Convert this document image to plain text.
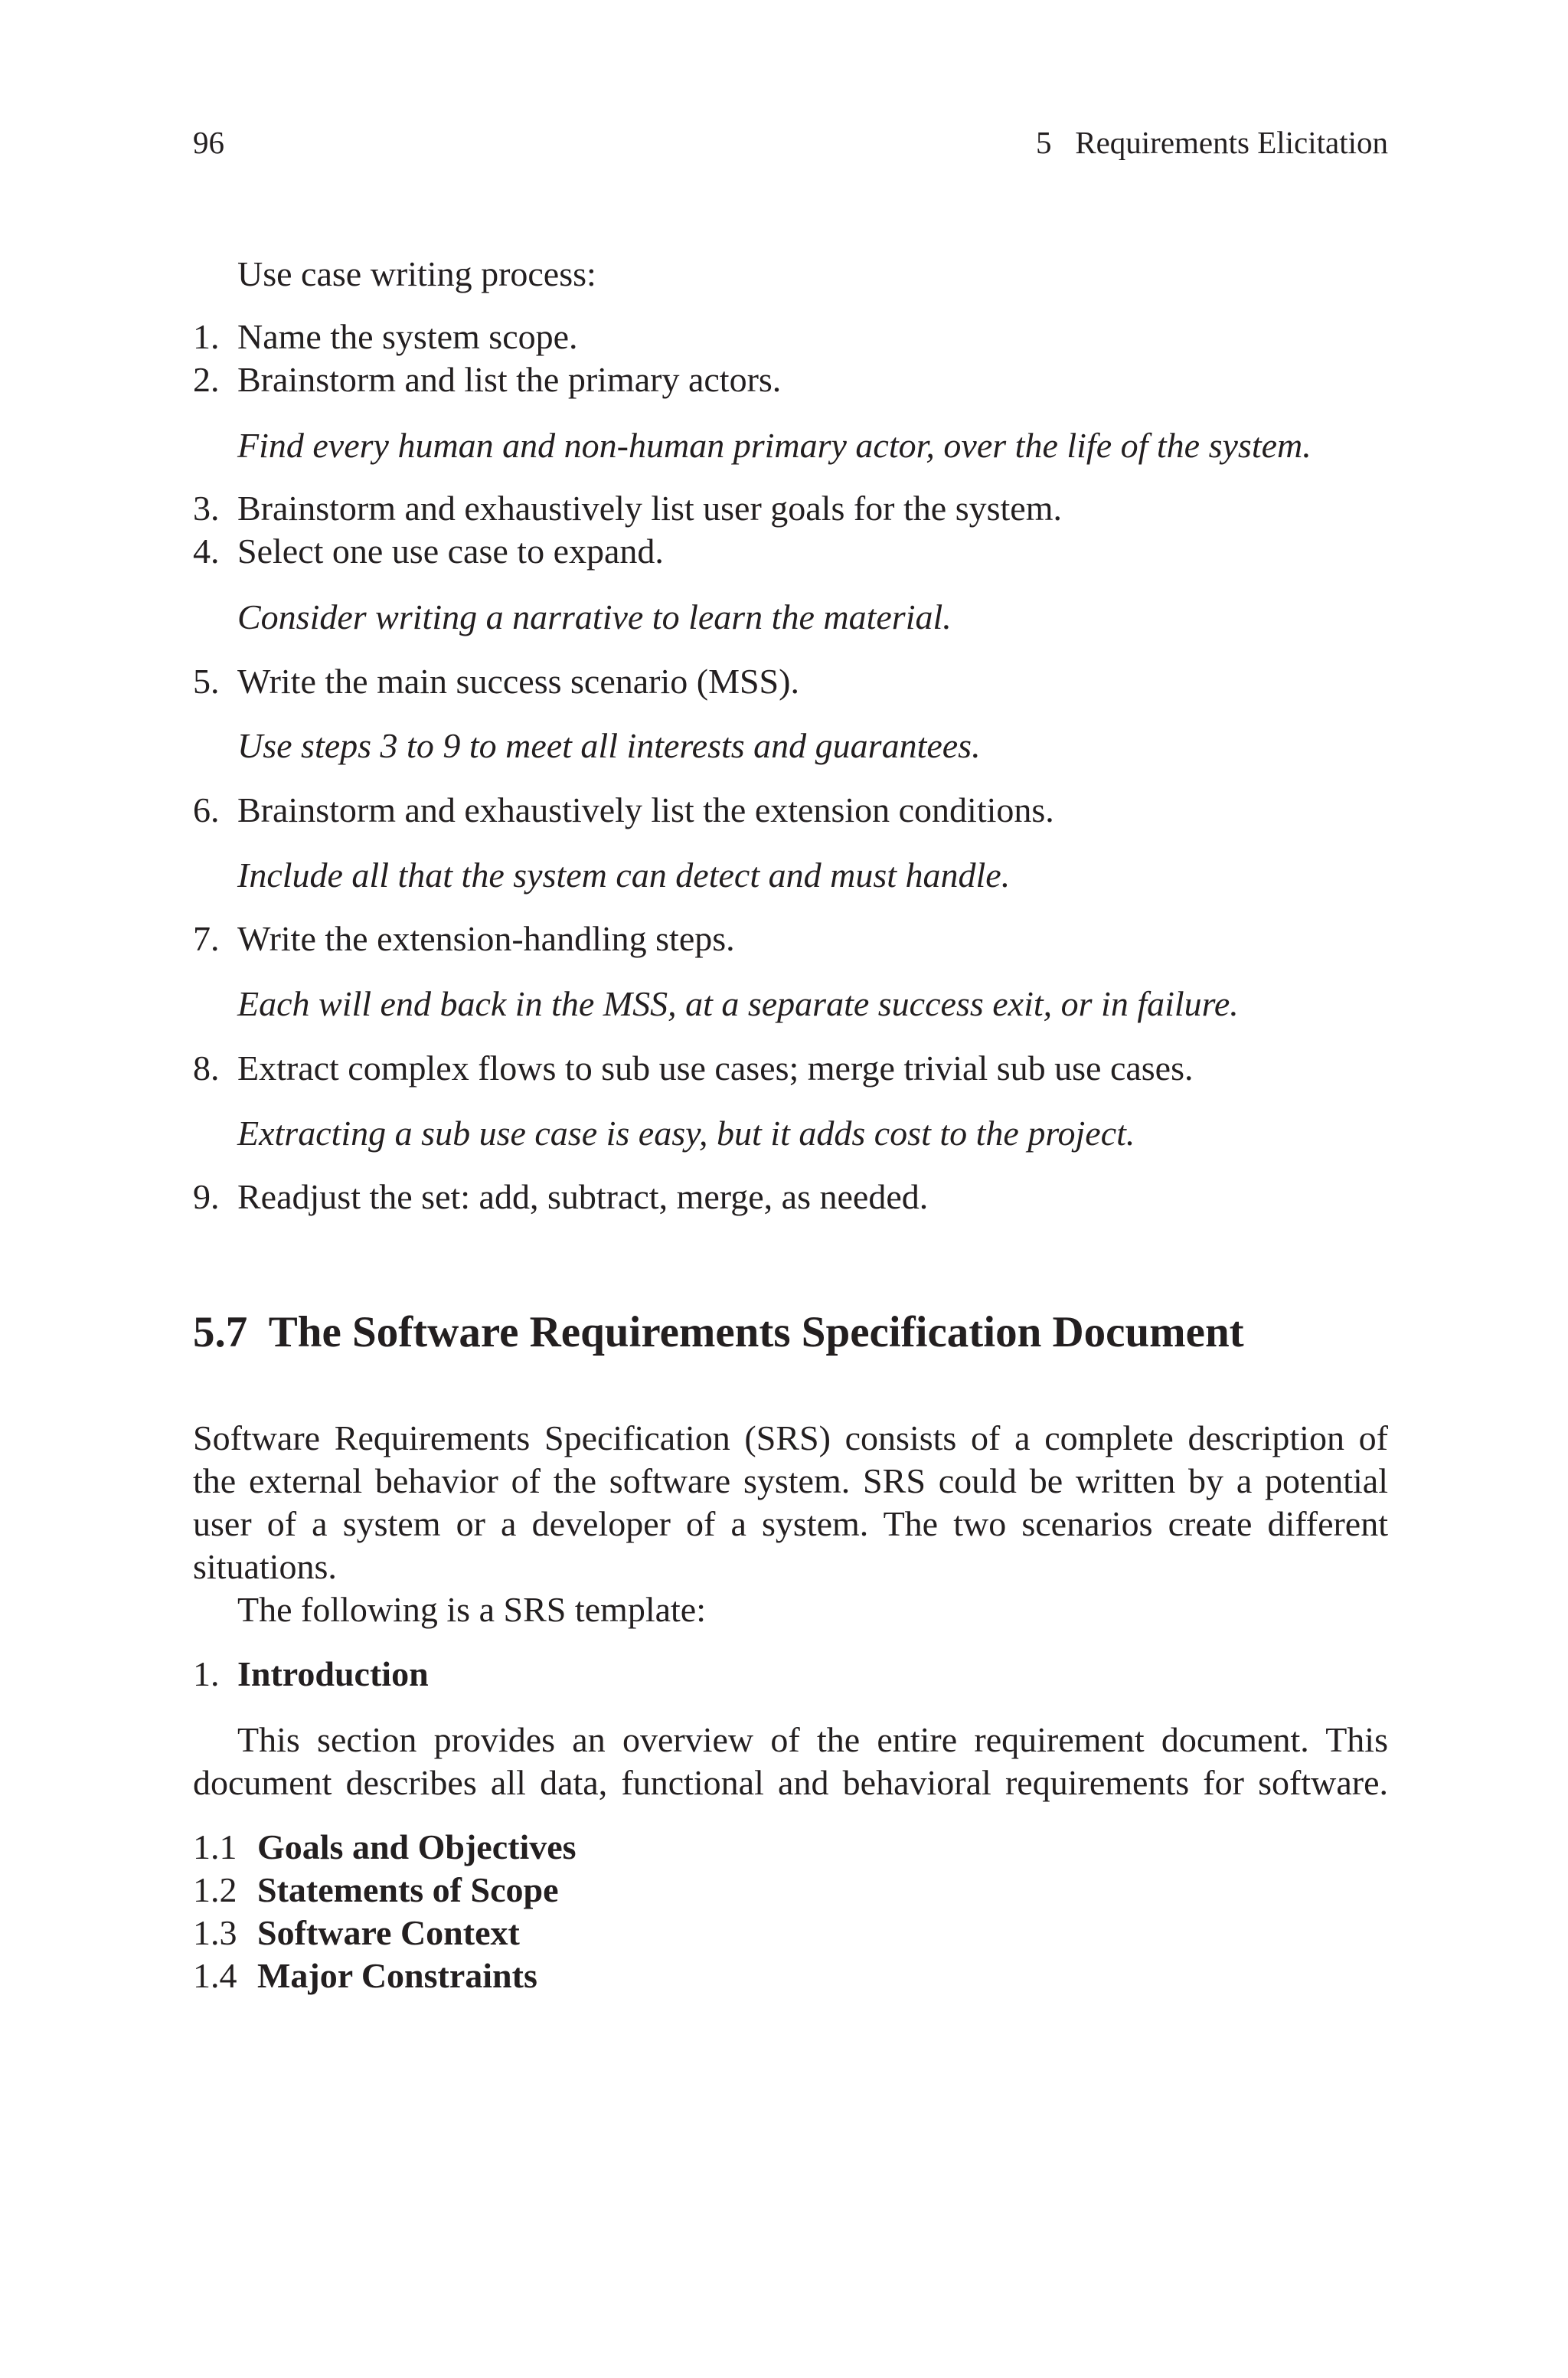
96	5   Requirements Elicitation
Use case writing process:
1. Name the system scope.
2. Brainstorm and list the primary actors.
Find every human and non-human primary actor, over the life of the system.
3. Brainstorm and exhaustively list user goals for the system.
4. Select one use case to expand.
Consider writing a narrative to learn the material.
5. Write the main success scenario (MSS).
Use steps 3 to 9 to meet all interests and guarantees.
6. Brainstorm and exhaustively list the extension conditions.
Include all that the system can detect and must handle.
7. Write the extension-handling steps.
Each will end back in the MSS, at a separate success exit, or in failure.
8. Extract complex flows to sub use cases; merge trivial sub use cases.
Extracting a sub use case is easy, but it adds cost to the project.
9. Readjust the set: add, subtract, merge, as needed.
5.7  The Software Requirements Specification Document
Software Requirements Specification (SRS) consists of a complete description of
the external behavior of the software system. SRS could be written by a potential
user of a system or a developer of a system. The two scenarios create different
situations.
The following is a SRS template:
1. Introduction
This section provides an overview of the entire requirement document. This
document describes all data, functional and behavioral requirements for software.
1.1 Goals and Objectives
1.2 Statements of Scope
1.3 Software Context
1.4 Major Constraints
